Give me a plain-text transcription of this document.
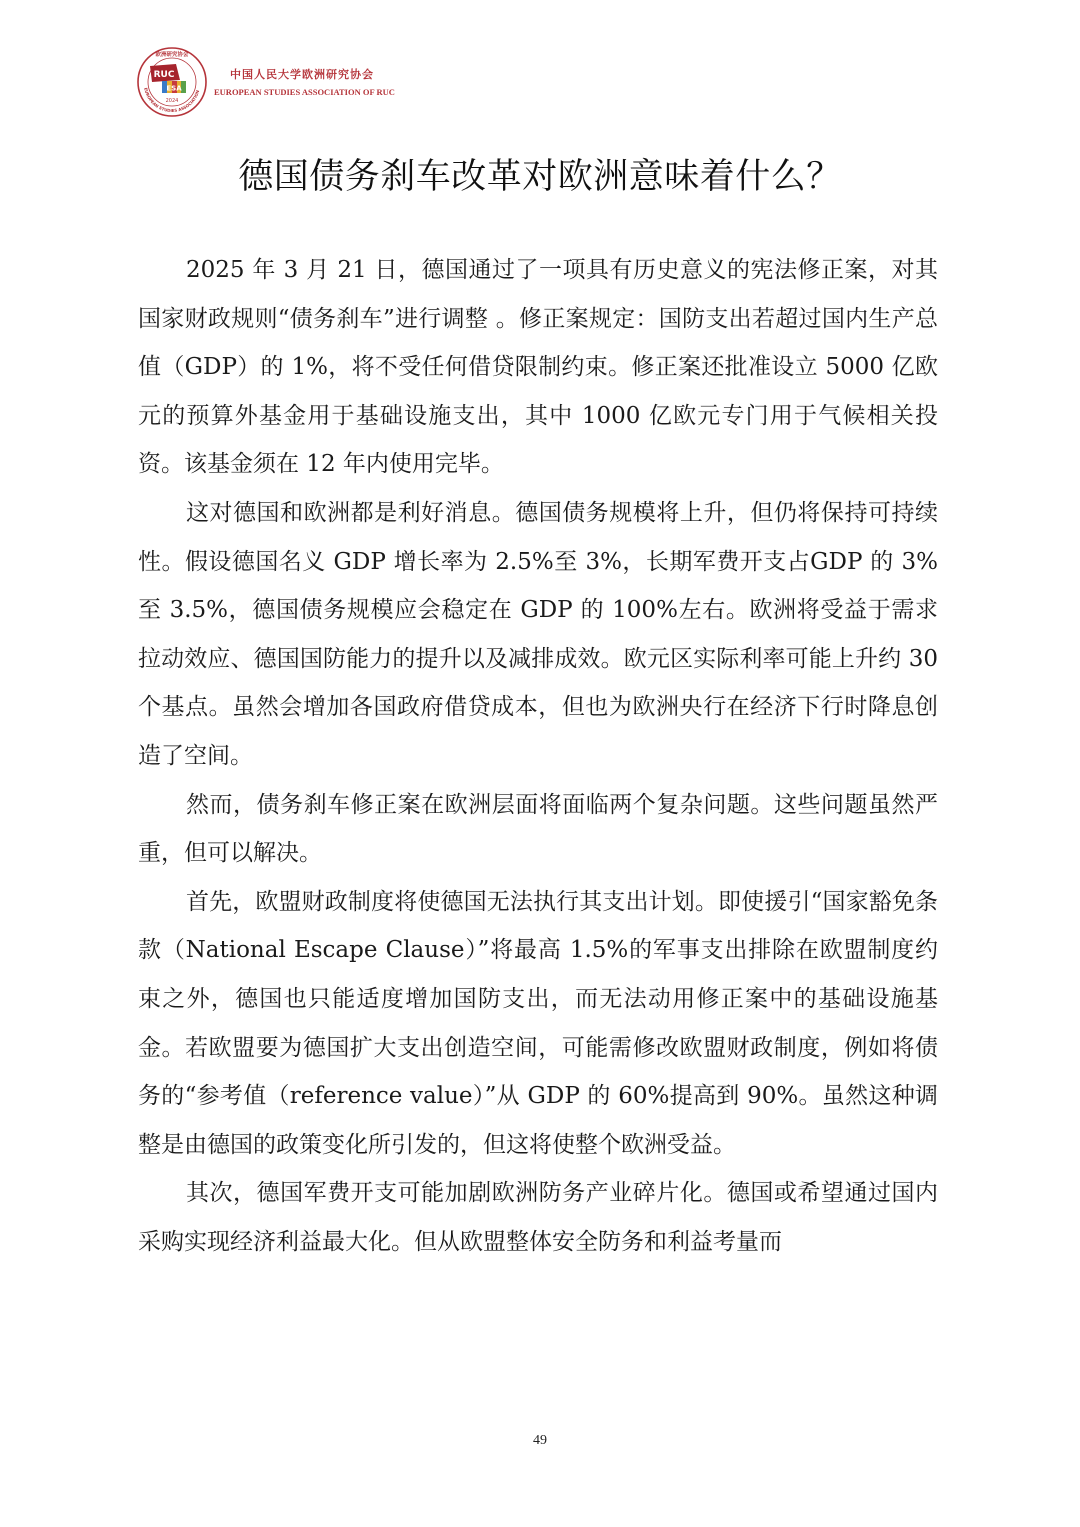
RUC
ESA
2024
欧洲研究协会
EUROPEAN STUDIES ASSOCIATION
中国人民大学欧洲研究协会
EUROPEAN STUDIES ASSOCIATION OF RUC
德国债务刹车改革对欧洲意味着什么？

2025 年 3 月 21 日，德国通过了一项具有历史意义的宪法修正案，对其国家财政规则“债务刹车”进行调整 。修正案规定：国防支出若超过国内生产总值（GDP）的 1%，将不受任何借贷限制约束。修正案还批准设立 5000 亿欧元的预算外基金用于基础设施支出，其中 1000 亿欧元专门用于气候相关投资。该基金须在 12 年内使用完毕。

这对德国和欧洲都是利好消息。德国债务规模将上升，但仍将保持可持续性。假设德国名义 GDP 增长率为 2.5%至 3%，长期军费开支占GDP 的 3%至 3.5%，德国债务规模应会稳定在 GDP 的 100%左右。欧洲将受益于需求拉动效应、德国国防能力的提升以及减排成效。欧元区实际利率可能上升约 30 个基点。虽然会增加各国政府借贷成本，但也为欧洲央行在经济下行时降息创造了空间。

然而，债务刹车修正案在欧洲层面将面临两个复杂问题。这些问题虽然严重，但可以解决。

首先，欧盟财政制度将使德国无法执行其支出计划。即使援引“国家豁免条款（National Escape Clause）”将最高 1.5%的军事支出排除在欧盟制度约束之外，德国也只能适度增加国防支出，而无法动用修正案中的基础设施基金。若欧盟要为德国扩大支出创造空间，可能需修改欧盟财政制度，例如将债务的“参考值（reference value）”从 GDP 的 60%提高到 90%。虽然这种调整是由德国的政策变化所引发的，但这将使整个欧洲受益。

其次，德国军费开支可能加剧欧洲防务产业碎片化。德国或希望通过国内采购实现经济利益最大化。但从欧盟整体安全防务和利益考量而

49
